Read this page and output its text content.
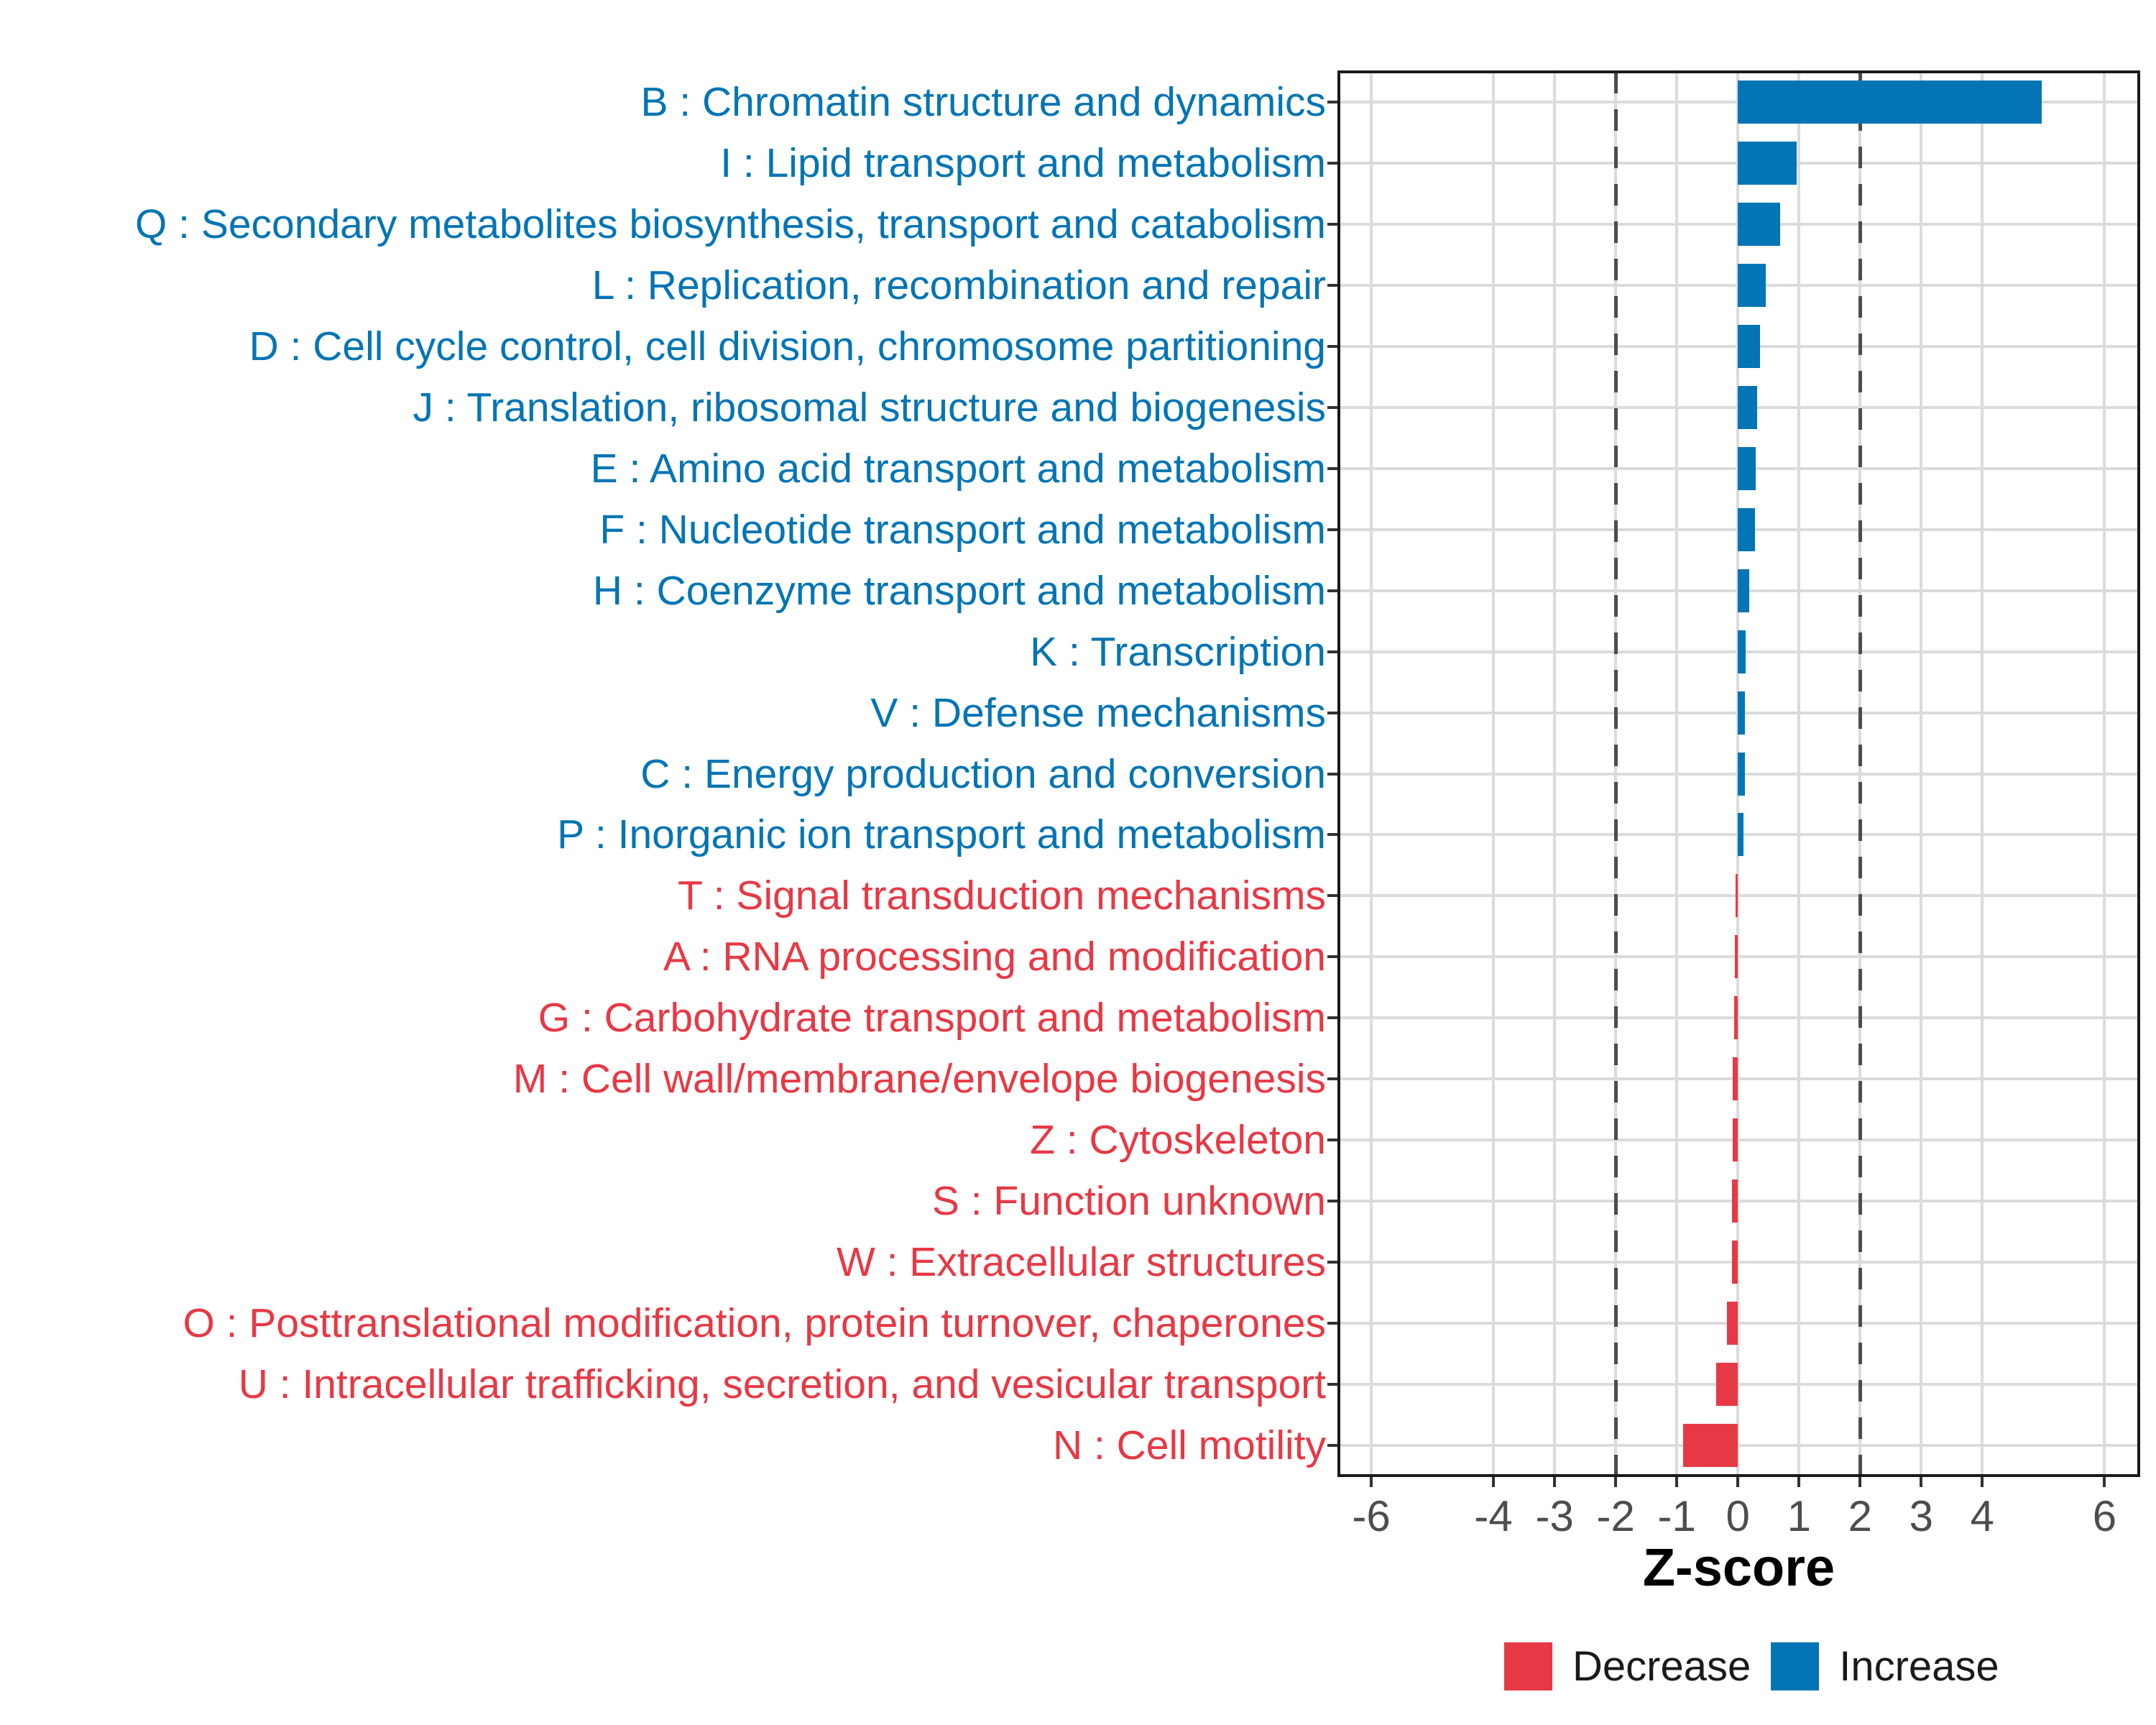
B : Chromatin structure and dynamics
I : Lipid transport and metabolism
Q : Secondary metabolites biosynthesis, transport and catabolism
L : Replication, recombination and repair
D : Cell cycle control, cell division, chromosome partitioning
J : Translation, ribosomal structure and biogenesis
E : Amino acid transport and metabolism
F : Nucleotide transport and metabolism
H : Coenzyme transport and metabolism
K : Transcription
V : Defense mechanisms
C : Energy production and conversion
P : Inorganic ion transport and metabolism
T : Signal transduction mechanisms
A : RNA processing and modification
G : Carbohydrate transport and metabolism
M : Cell wall/membrane/envelope biogenesis
Z : Cytoskeleton
S : Function unknown
W : Extracellular structures
O : Posttranslational modification, protein turnover, chaperones
U : Intracellular trafficking, secretion, and vesicular transport
N : Cell motility
-6 -4 -3 -2 -1 0 1 2 3 4 6
Z-score
Decrease Increase
